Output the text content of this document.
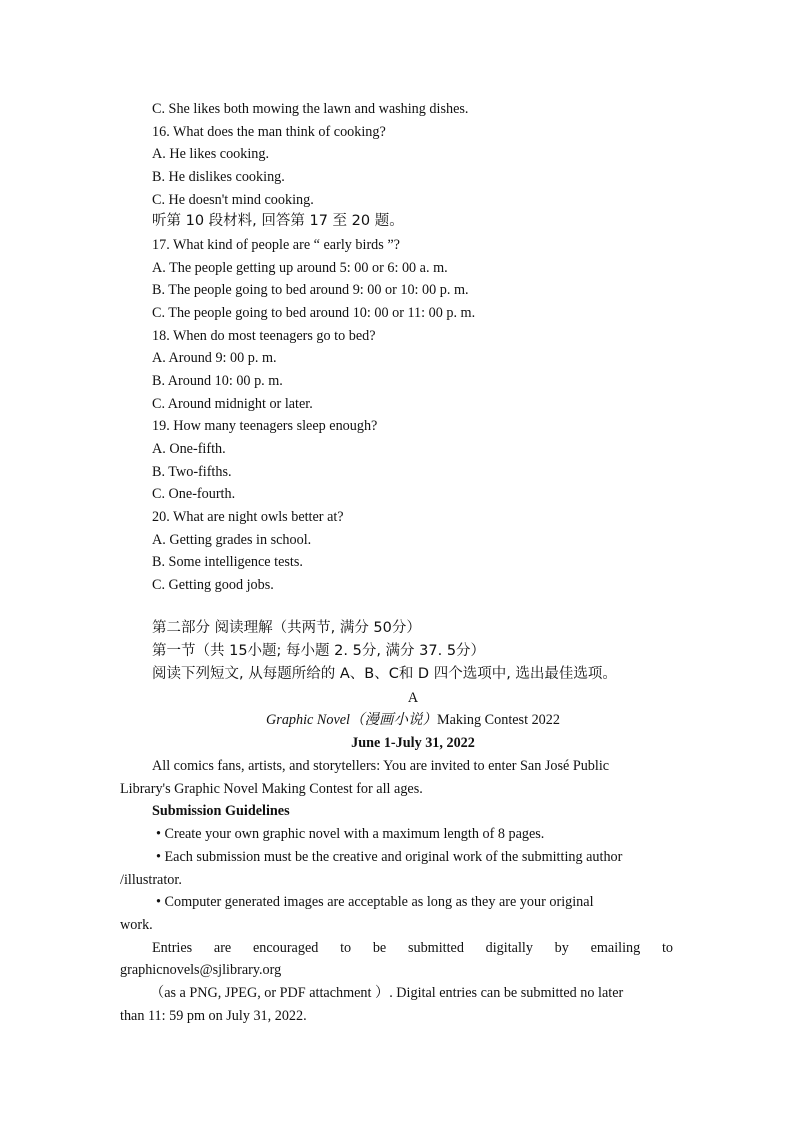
C. She likes both mowing the lawn and washing dishes.
16. What does the man think of cooking?
A. He likes cooking.
B. He dislikes cooking.
C. He doesn't mind cooking.
听第 10 段材料, 回答第 17 至 20 题。
17. What kind of people are “ early birds ”?
A. The people getting up around 5: 00 or 6: 00 a. m.
B. The people going to bed around 9: 00 or 10: 00 p. m.
C. The people going to bed around 10: 00 or 11: 00 p. m.
18. When do most teenagers go to bed?
A. Around 9: 00 p. m.
B. Around 10: 00 p. m.
C. Around midnight or later.
19. How many teenagers sleep enough?
A. One-fifth.
B. Two-fifths.
C. One-fourth.
20. What are night owls better at?
A. Getting grades in school.
B. Some intelligence tests.
C. Getting good jobs.
第二部分 阅读理解（共两节, 满分 50分）
第一节（共 15小题; 每小题 2. 5分, 满分 37. 5分）
阅读下列短文, 从每题所给的 A、B、C和 D 四个选项中, 选出最佳选项。
A
Graphic Novel（漫画小说）Making Contest 2022
June 1-July 31, 2022
All comics fans, artists, and storytellers: You are invited to enter San José Public
Library's Graphic Novel Making Contest for all ages.
Submission Guidelines
• Create your own graphic novel with a maximum length of 8 pages.
• Each submission must be the creative and original work of the submitting author
/illustrator.
• Computer generated images are acceptable as long as they are your original
work.
Entries are encouraged to be submitted digitally by emailing to
graphicnovels@sjlibrary.org
（as a PNG, JPEG, or PDF attachment ）. Digital entries can be submitted no later
than 11: 59 pm on July 31, 2022.
